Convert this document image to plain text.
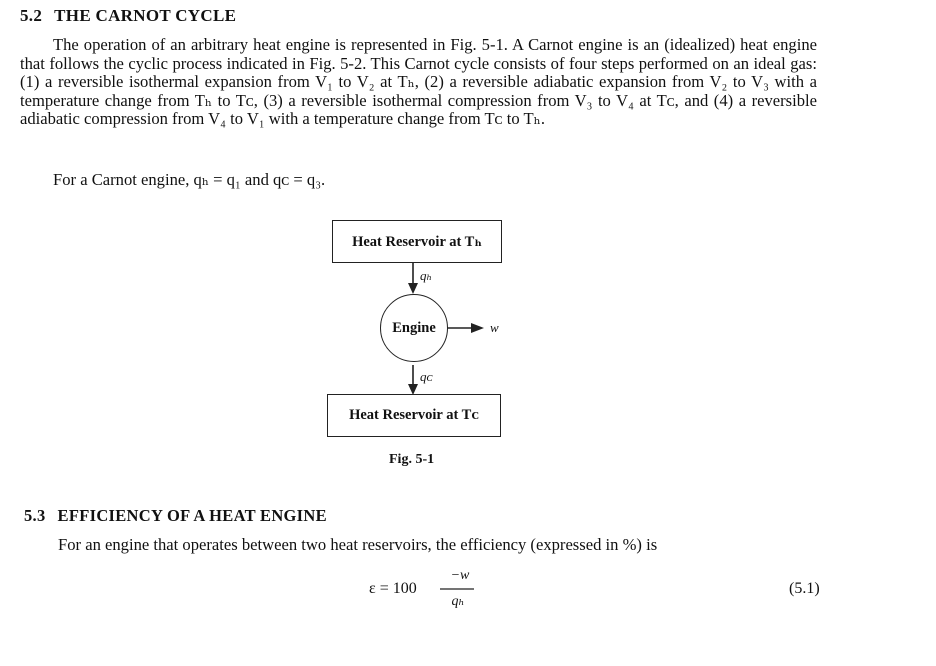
5.2 THE CARNOT CYCLE
The operation of an arbitrary heat engine is represented in Fig. 5-1. A Carnot engine is an (idealized) heat engine that follows the cyclic process indicated in Fig. 5-2. This Carnot cycle consists of four steps performed on an ideal gas: (1) a reversible isothermal expansion from V₁ to V₂ at Tₕ, (2) a reversible adiabatic expansion from V₂ to V₃ with a temperature change from Tₕ to Tᴄ, (3) a reversible isothermal compression from V₃ to V₄ at Tᴄ, and (4) a reversible adiabatic compression from V₄ to V₁ with a temperature change from Tᴄ to Tₕ.
For a Carnot engine, qₕ = q₁ and qᴄ = q₃.
Heat Reservoir at Tₕ
qₕ
Engine	w
qᴄ
Heat Reservoir at Tᴄ
Fig. 5-1
5.3 EFFICIENCY OF A HEAT ENGINE
For an engine that operates between two heat reservoirs, the efficiency (expressed in %) is
ε = 100
−w
qₕ
(5.1)
